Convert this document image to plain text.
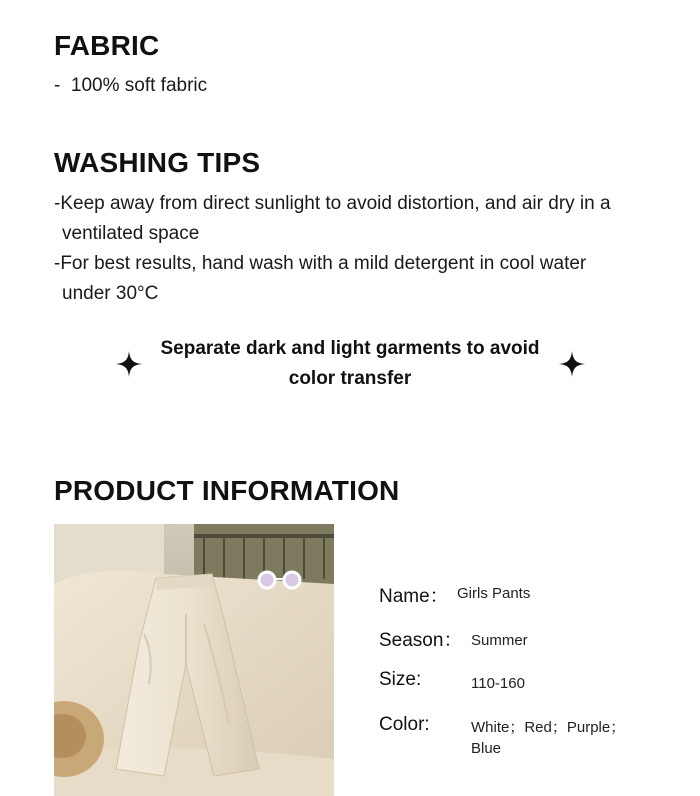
FABRIC
-  100% soft fabric
WASHING TIPS
-Keep away from direct sunlight to avoid distortion, and air dry in a ventilated space
-For best results, hand wash with a mild detergent in cool water under 30°C
Separate dark and light garments to avoid color transfer
PRODUCT INFORMATION
Name： Girls Pants
Season： Summer
Size:	110-160
Color:	White；Red；Purple；Blue
